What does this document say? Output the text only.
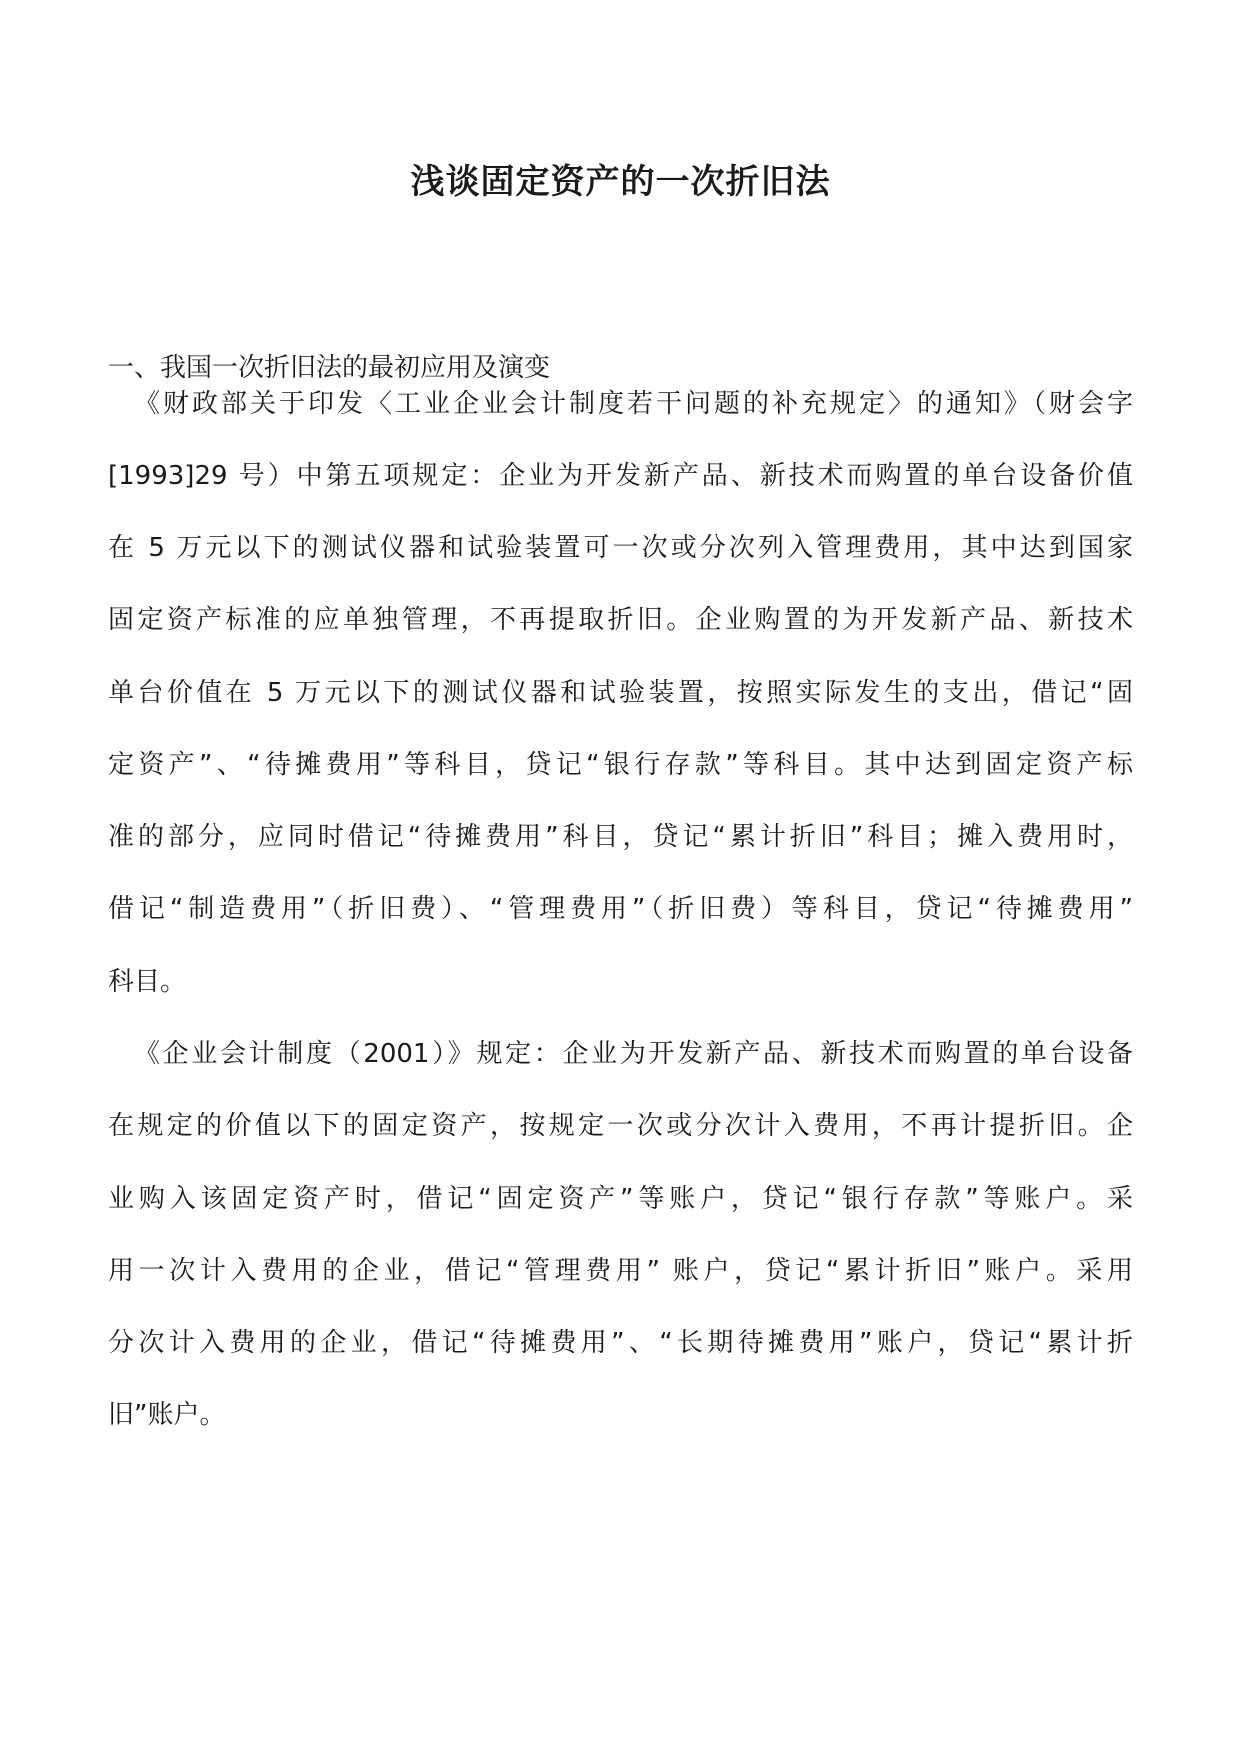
浅谈固定资产的一次折旧法
一、我国一次折旧法的最初应用及演变

《财政部关于印发〈工业企业会计制度若干问题的补充规定〉的通知》（财会字

[1993]29 号）中第五项规定：企业为开发新产品、新技术而购置的单台设备价值

在 5 万元以下的测试仪器和试验装置可一次或分次列入管理费用，其中达到国家

固定资产标准的应单独管理，不再提取折旧。企业购置的为开发新产品、新技术

单台价值在 5 万元以下的测试仪器和试验装置，按照实际发生的支出，借记“固

定资产”、“待摊费用”等科目，贷记“银行存款”等科目。其中达到固定资产标

准的部分，应同时借记“待摊费用”科目，贷记“累计折旧”科目；摊入费用时，

借记“制造费用”（折旧费）、“管理费用”（折旧费）等科目，贷记“待摊费用”

科目。

《企业会计制度（2001）》规定：企业为开发新产品、新技术而购置的单台设备

在规定的价值以下的固定资产，按规定一次或分次计入费用，不再计提折旧。企

业购入该固定资产时，借记“固定资产”等账户，贷记“银行存款”等账户。采

用一次计入费用的企业，借记“管理费用” 账户，贷记“累计折旧”账户。采用

分次计入费用的企业，借记“待摊费用”、“长期待摊费用”账户，贷记“累计折

旧”账户。
